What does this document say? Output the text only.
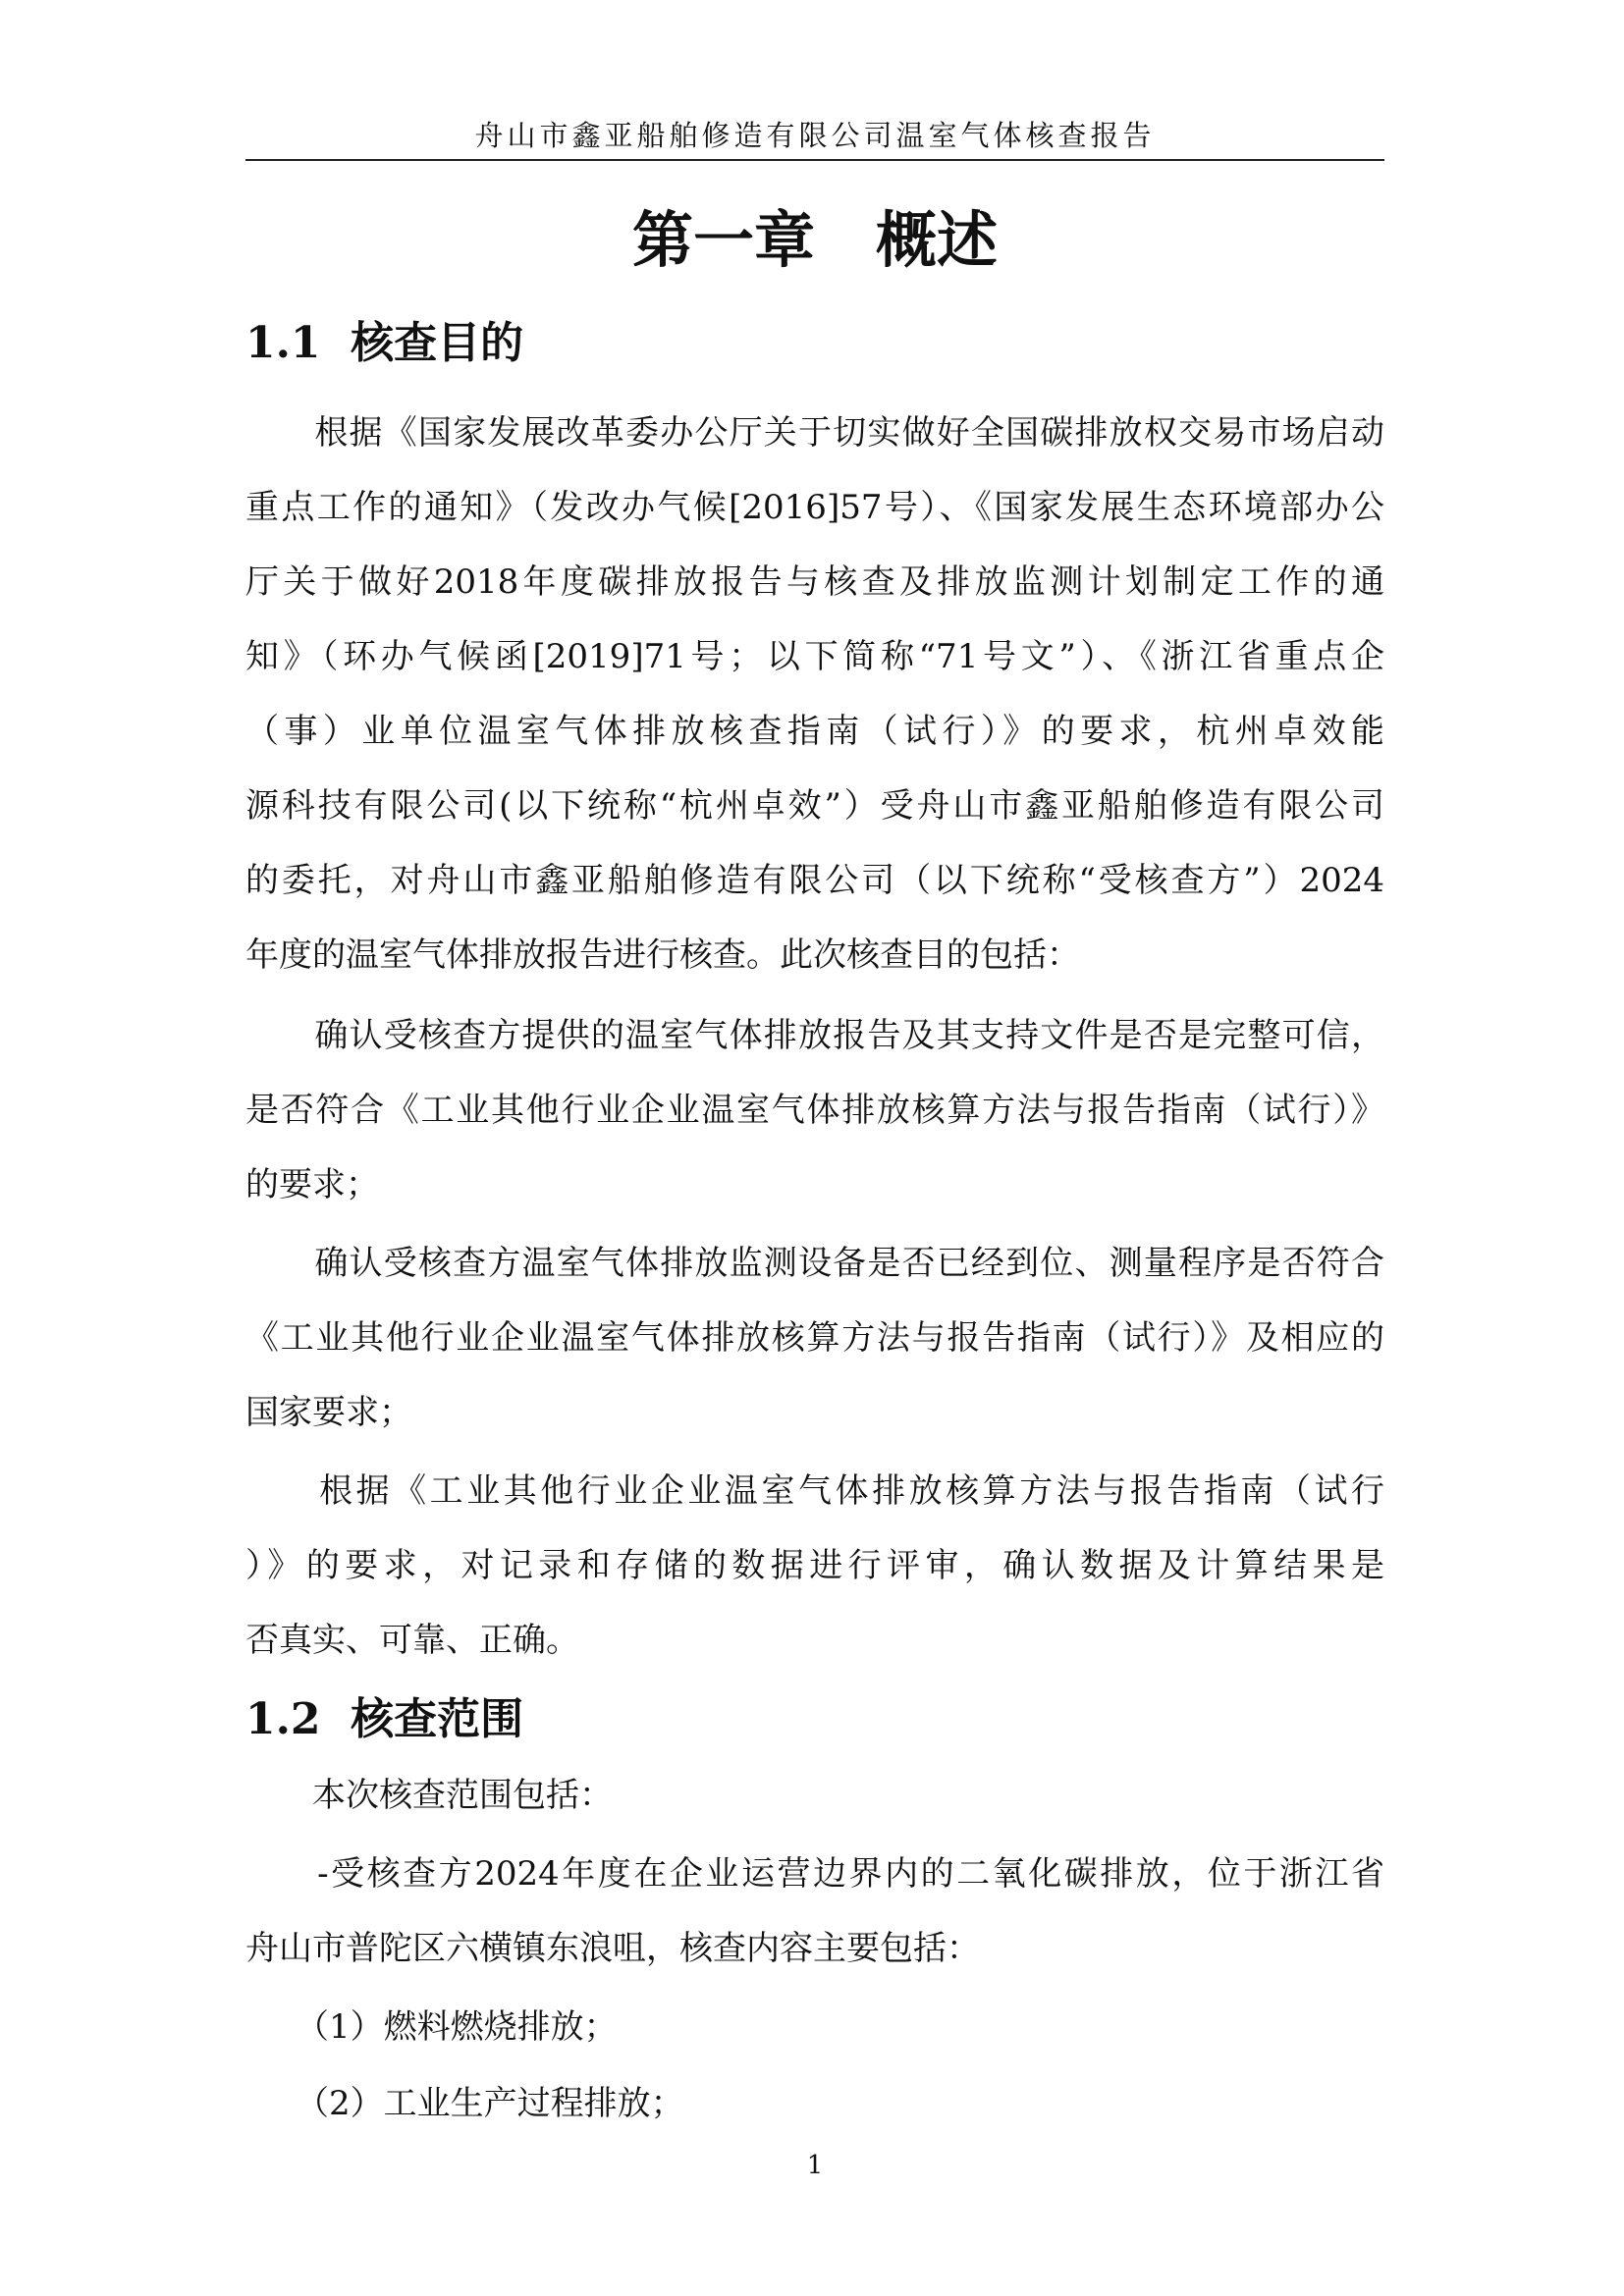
舟山市鑫亚船舶修造有限公司温室气体核查报告
第一章　概述
1.1  核查目的
　　根据《国家发展改革委办公厅关于切实做好全国碳排放权交易市场启动
重点工作的通知》（发改办气候[2016]57号）、《国家发展生态环境部办公
厅关于做好2018年度碳排放报告与核查及排放监测计划制定工作的通
知》（环办气候函[2019]71号；以下简称“71号文”）、《浙江省重点企
（事）业单位温室气体排放核查指南（试行）》的要求，杭州卓效能
源科技有限公司(以下统称“杭州卓效”）受舟山市鑫亚船舶修造有限公司
的委托，对舟山市鑫亚船舶修造有限公司（以下统称“受核查方”）2024
年度的温室气体排放报告进行核查。此次核查目的包括：
　　确认受核查方提供的温室气体排放报告及其支持文件是否是完整可信，
是否符合《工业其他行业企业温室气体排放核算方法与报告指南（试行）》
的要求；
　　确认受核查方温室气体排放监测设备是否已经到位、测量程序是否符合
《工业其他行业企业温室气体排放核算方法与报告指南（试行）》及相应的
国家要求；
　　根据《工业其他行业企业温室气体排放核算方法与报告指南（试行
）》的要求，对记录和存储的数据进行评审，确认数据及计算结果是
否真实、可靠、正确。
1.2  核查范围
　　本次核查范围包括：
　　-受核查方2024年度在企业运营边界内的二氧化碳排放，位于浙江省
舟山市普陀区六横镇东浪咀，核查内容主要包括：
　　（1）燃料燃烧排放；
　　（2）工业生产过程排放；
1
